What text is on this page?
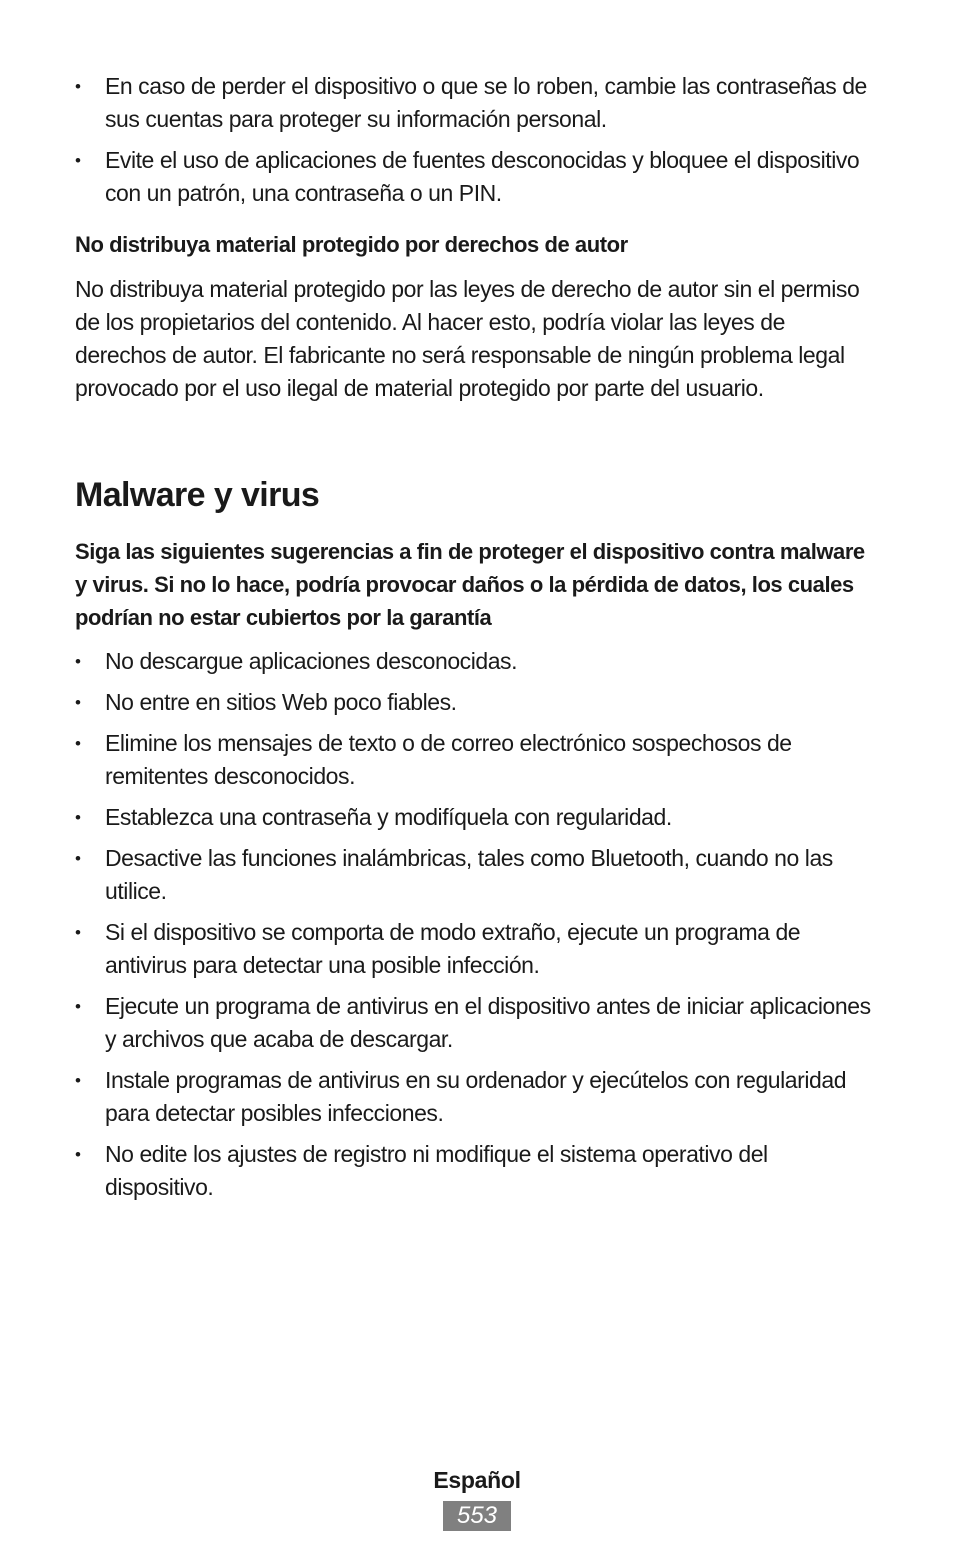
• En caso de perder el dispositivo o que se lo roben, cambie las contraseñas de sus cuentas para proteger su información personal.
• Evite el uso de aplicaciones de fuentes desconocidas y bloquee el dispositivo con un patrón, una contraseña o un PIN.

No distribuya material protegido por derechos de autor

No distribuya material protegido por las leyes de derecho de autor sin el permiso de los propietarios del contenido. Al hacer esto, podría violar las leyes de derechos de autor. El fabricante no será responsable de ningún problema legal provocado por el uso ilegal de material protegido por parte del usuario.

Malware y virus

Siga las siguientes sugerencias a fin de proteger el dispositivo contra malware y virus. Si no lo hace, podría provocar daños o la pérdida de datos, los cuales podrían no estar cubiertos por la garantía

• No descargue aplicaciones desconocidas.
• No entre en sitios Web poco fiables.
• Elimine los mensajes de texto o de correo electrónico sospechosos de remitentes desconocidos.
• Establezca una contraseña y modifíquela con regularidad.
• Desactive las funciones inalámbricas, tales como Bluetooth, cuando no las utilice.
• Si el dispositivo se comporta de modo extraño, ejecute un programa de antivirus para detectar una posible infección.
• Ejecute un programa de antivirus en el dispositivo antes de iniciar aplicaciones y archivos que acaba de descargar.
• Instale programas de antivirus en su ordenador y ejecútelos con regularidad para detectar posibles infecciones.
• No edite los ajustes de registro ni modifique el sistema operativo del dispositivo.
Español
553
